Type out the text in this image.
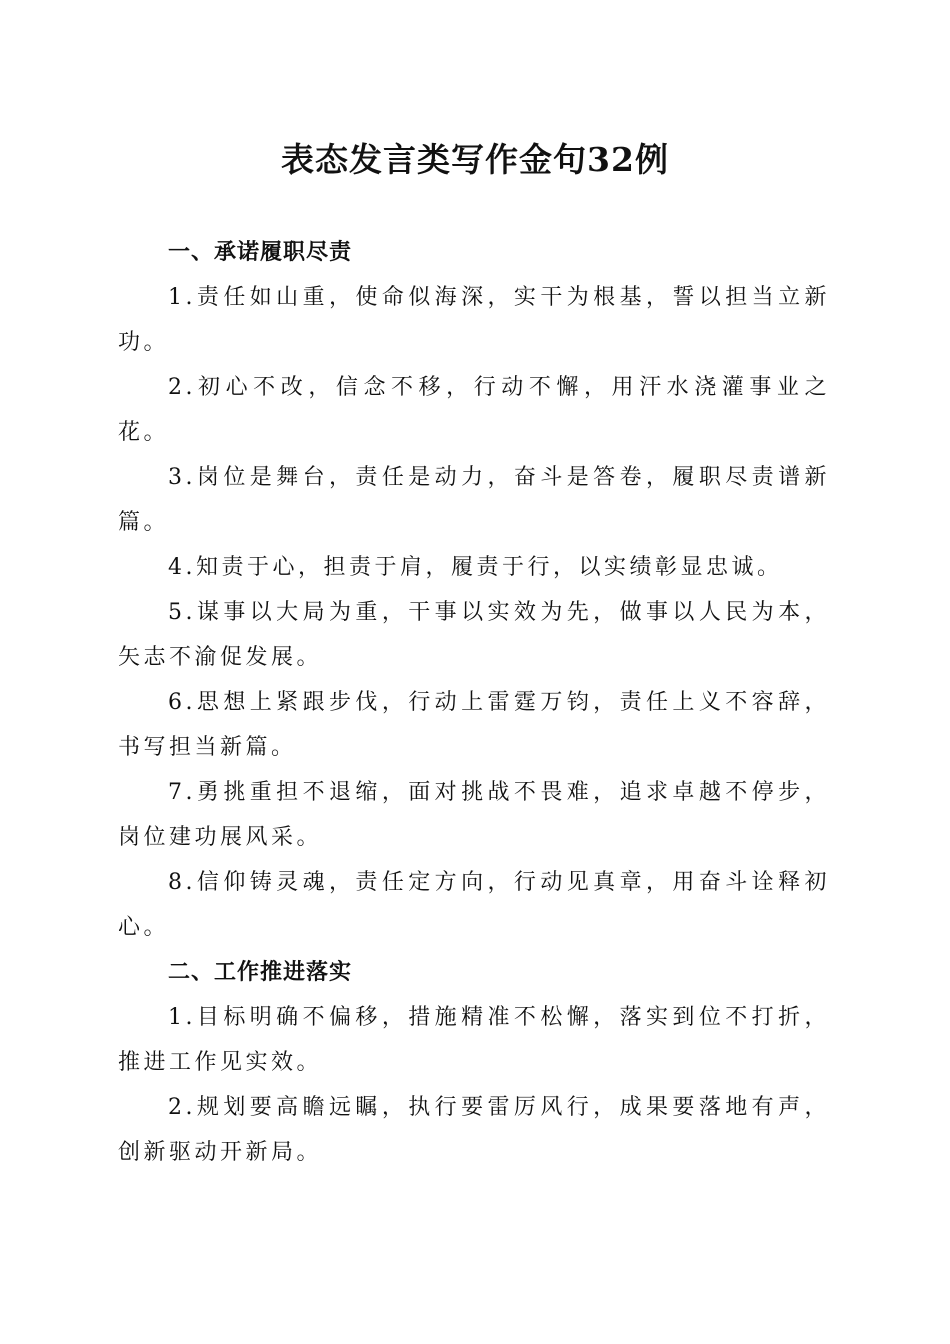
表态发言类写作金句32例

一、承诺履职尽责

1.责任如山重，使命似海深，实干为根基，誓以担当立新功。

2.初心不改，信念不移，行动不懈，用汗水浇灌事业之花。

3.岗位是舞台，责任是动力，奋斗是答卷，履职尽责谱新篇。

4.知责于心，担责于肩，履责于行，以实绩彰显忠诚。

5.谋事以大局为重，干事以实效为先，做事以人民为本，矢志不渝促发展。

6.思想上紧跟步伐，行动上雷霆万钧，责任上义不容辞，书写担当新篇。

7.勇挑重担不退缩，面对挑战不畏难，追求卓越不停步，岗位建功展风采。

8.信仰铸灵魂，责任定方向，行动见真章，用奋斗诠释初心。

二、工作推进落实

1.目标明确不偏移，措施精准不松懈，落实到位不打折，推进工作见实效。

2.规划要高瞻远瞩，执行要雷厉风行，成果要落地有声，创新驱动开新局。
